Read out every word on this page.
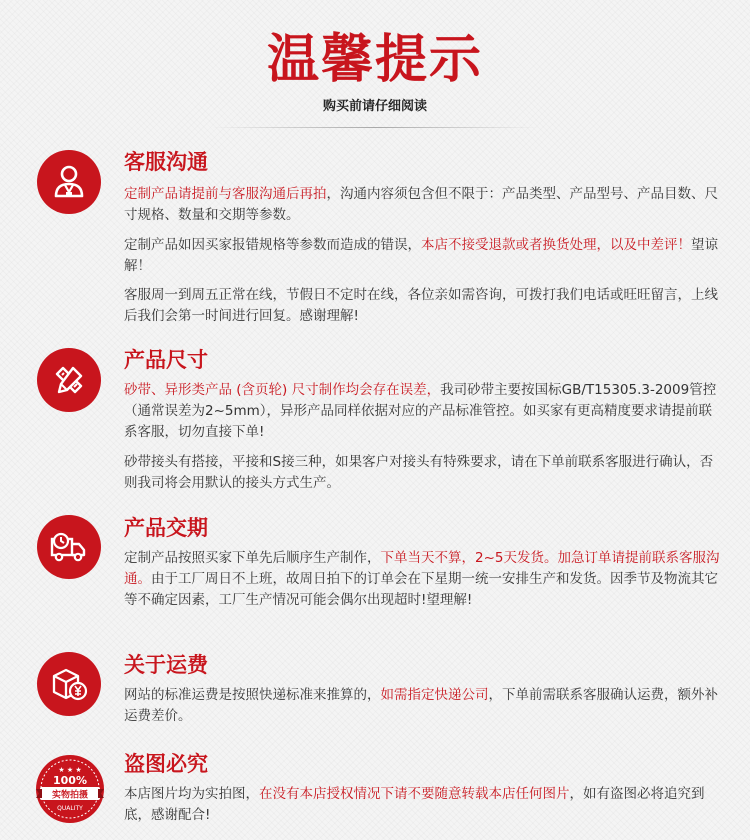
温馨提示
购买前请仔细阅读
客服沟通
定制产品请提前与客服沟通后再拍，沟通内容须包含但不限于：产品类型、产品型号、产品目数、尺寸规格、数量和交期等参数。
定制产品如因买家报错规格等参数而造成的错误，本店不接受退款或者换货处理，以及中差评！望谅解！
客服周一到周五正常在线，节假日不定时在线，各位亲如需咨询，可拨打我们电话或旺旺留言，上线后我们会第一时间进行回复。感谢理解!
产品尺寸
砂带、异形类产品 (含页轮) 尺寸制作均会存在误差，我司砂带主要按国标GB/T15305.3-2009管控（通常误差为2~5mm），异形产品同样依据对应的产品标准管控。如买家有更高精度要求请提前联系客服，切勿直接下单!
砂带接头有搭接，平接和S接三种，如果客户对接头有特殊要求，请在下单前联系客服进行确认，否则我司将会用默认的接头方式生产。
产品交期
定制产品按照买家下单先后顺序生产制作，下单当天不算，2~5天发货。加急订单请提前联系客服沟通。由于工厂周日不上班，故周日拍下的订单会在下星期一统一安排生产和发货。因季节及物流其它等不确定因素，工厂生产情况可能会偶尔出现超时!望理解!
关于运费
网站的标准运费是按照快递标准来推算的，如需指定快递公司，下单前需联系客服确认运费，额外补运费差价。
★ ★ ★
100%
实物拍摄
QUALITY
盗图必究
本店图片均为实拍图，在没有本店授权情况下请不要随意转载本店任何图片，如有盗图必将追究到底，感谢配合!
